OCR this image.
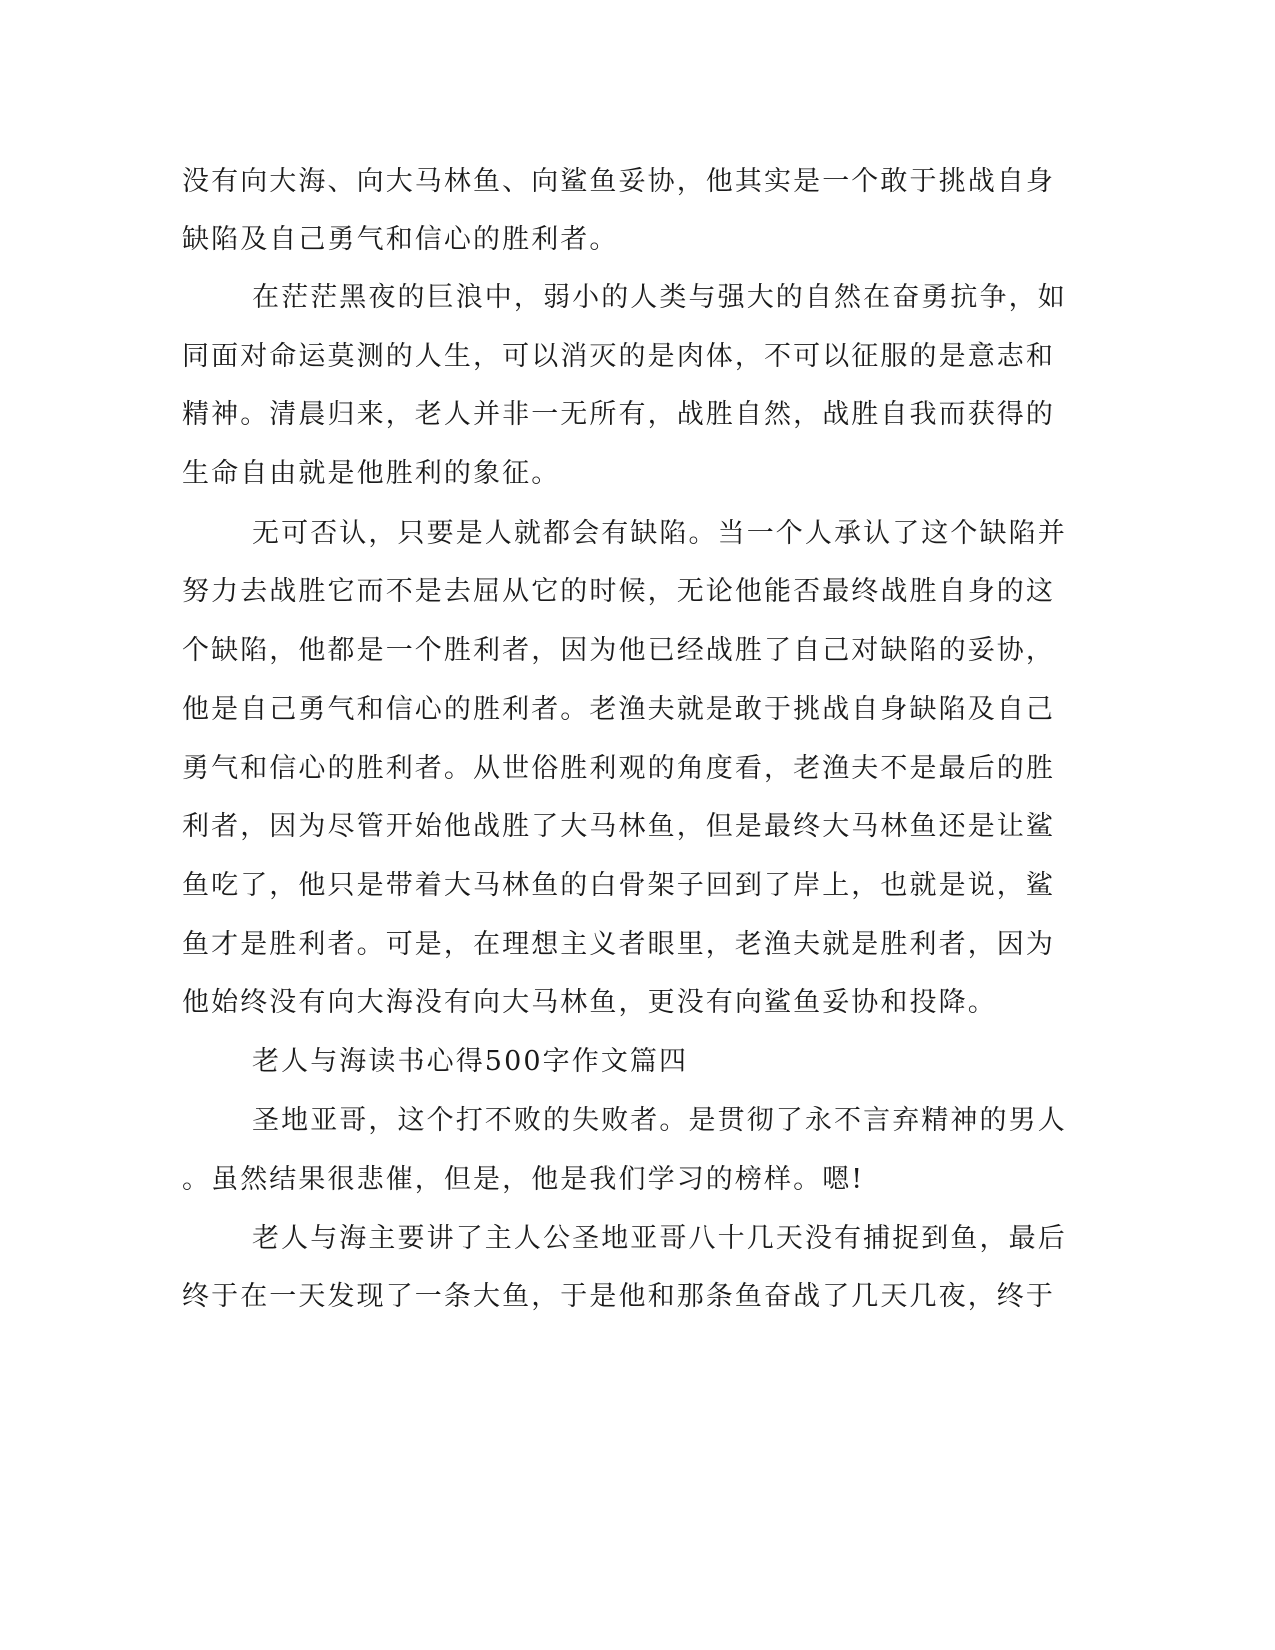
没有向大海、向大马林鱼、向鲨鱼妥协，他其实是一个敢于挑战自身
缺陷及自己勇气和信心的胜利者。
在茫茫黑夜的巨浪中，弱小的人类与强大的自然在奋勇抗争，如
同面对命运莫测的人生，可以消灭的是肉体，不可以征服的是意志和
精神。清晨归来，老人并非一无所有，战胜自然，战胜自我而获得的
生命自由就是他胜利的象征。
无可否认，只要是人就都会有缺陷。当一个人承认了这个缺陷并
努力去战胜它而不是去屈从它的时候，无论他能否最终战胜自身的这
个缺陷，他都是一个胜利者，因为他已经战胜了自己对缺陷的妥协，
他是自己勇气和信心的胜利者。老渔夫就是敢于挑战自身缺陷及自己
勇气和信心的胜利者。从世俗胜利观的角度看，老渔夫不是最后的胜
利者，因为尽管开始他战胜了大马林鱼，但是最终大马林鱼还是让鲨
鱼吃了，他只是带着大马林鱼的白骨架子回到了岸上，也就是说，鲨
鱼才是胜利者。可是，在理想主义者眼里，老渔夫就是胜利者，因为
他始终没有向大海没有向大马林鱼，更没有向鲨鱼妥协和投降。
老人与海读书心得500字作文篇四
圣地亚哥，这个打不败的失败者。是贯彻了永不言弃精神的男人
。虽然结果很悲催，但是，他是我们学习的榜样。嗯!
老人与海主要讲了主人公圣地亚哥八十几天没有捕捉到鱼，最后
终于在一天发现了一条大鱼，于是他和那条鱼奋战了几天几夜，终于
